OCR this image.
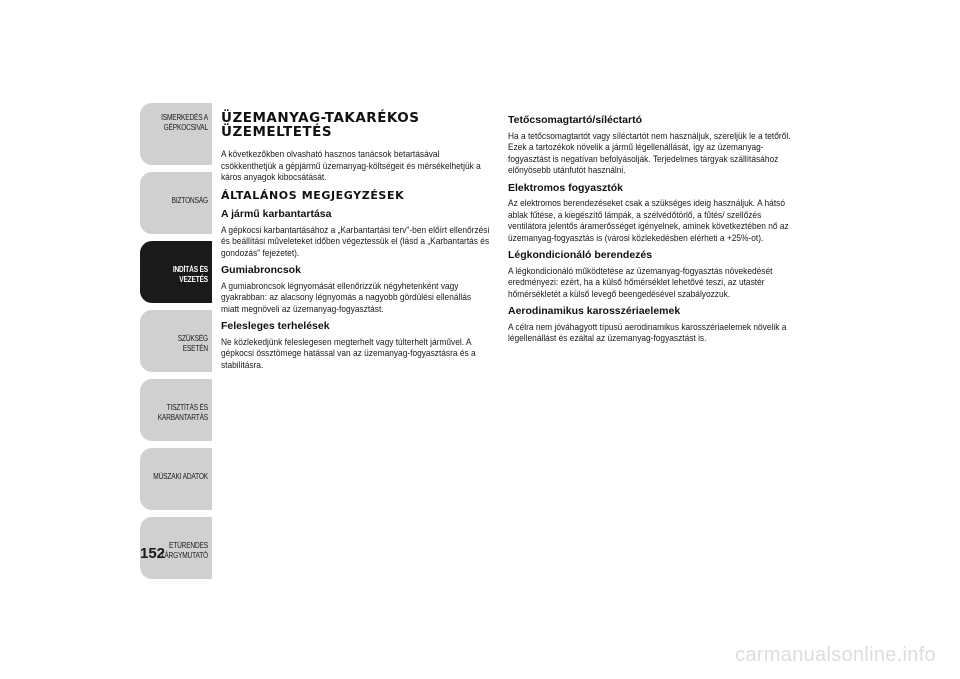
ISMERKEDÉS A
GÉPKOCSIVAL
BIZTONSÁG
INDÍTÁS ÉS
VEZETÉS
SZÜKSÉG ESETÉN
TISZTÍTÁS ÉS
KARBANTARTÁS
MŰSZAKI ADATOK
ETŰRENDES
TÁRGYMUTATÓ
152
ÜZEMANYAG-TAKARÉKOS ÜZEMELTETÉS

A következőkben olvasható hasznos tanácsok betartásával csökkenthetjük a gépjármű üzemanyag-költségeit és mérsékelhetjük a káros anyagok kibocsátását.

ÁLTALÁNOS MEGJEGYZÉSEK
A jármű karbantartása

A gépkocsi karbantartásához a „Karbantartási terv"-ben előírt ellenőrzési és beállítási műveleteket időben végeztessük el (lásd a „Karbantartás és gondozás" fejezetet).

Gumiabroncsok

A gumiabroncsok légnyomását ellenőrizzük négyhetenként vagy gyakrabban: az alacsony légnyomás a nagyobb gördülési ellenállás miatt megnöveli az üzemanyag-fogyasztást.

Felesleges terhelések

Ne közlekedjünk feleslegesen megterhelt vagy túlterhelt járművel. A gépkocsi össztömege hatással van az üzemanyag-fogyasztásra és a stabilitásra.

Tetőcsomagtartó/síléctartó

Ha a tetőcsomagtartót vagy síléctartót nem használjuk, szereljük le a tetőről. Ezek a tartozékok növelik a jármű légellenállását, így az üzemanyag-fogyasztást is negatívan befolyásolják. Terjedelmes tárgyak szállításához előnyösebb utánfutót használni.

Elektromos fogyasztók

Az elektromos berendezéseket csak a szükséges ideig használjuk. A hátsó ablak fűtése, a kiegészítő lámpák, a szélvédőtörlő, a fűtés/ szellőzés ventilátora jelentős áramerősséget igényelnek, aminek következtében nő az üzemanyag-fogyasztás is (városi közlekedésben elérheti a +25%-ot).

Légkondicionáló berendezés

A légkondicionáló működtetése az üzemanyag-fogyasztás növekedését eredményezi: ezért, ha a külső hőmérséklet lehetővé teszi, az utastér hőmérsékletét a külső levegő beengedésével szabályozzuk.

Aerodinamikus karosszériaelemek

A célra nem jóváhagyott típusú aerodinamikus karosszériaelemek növelik a légellenállást és ezáltal az üzemanyag-fogyasztást is.

carmanualsonline.info
